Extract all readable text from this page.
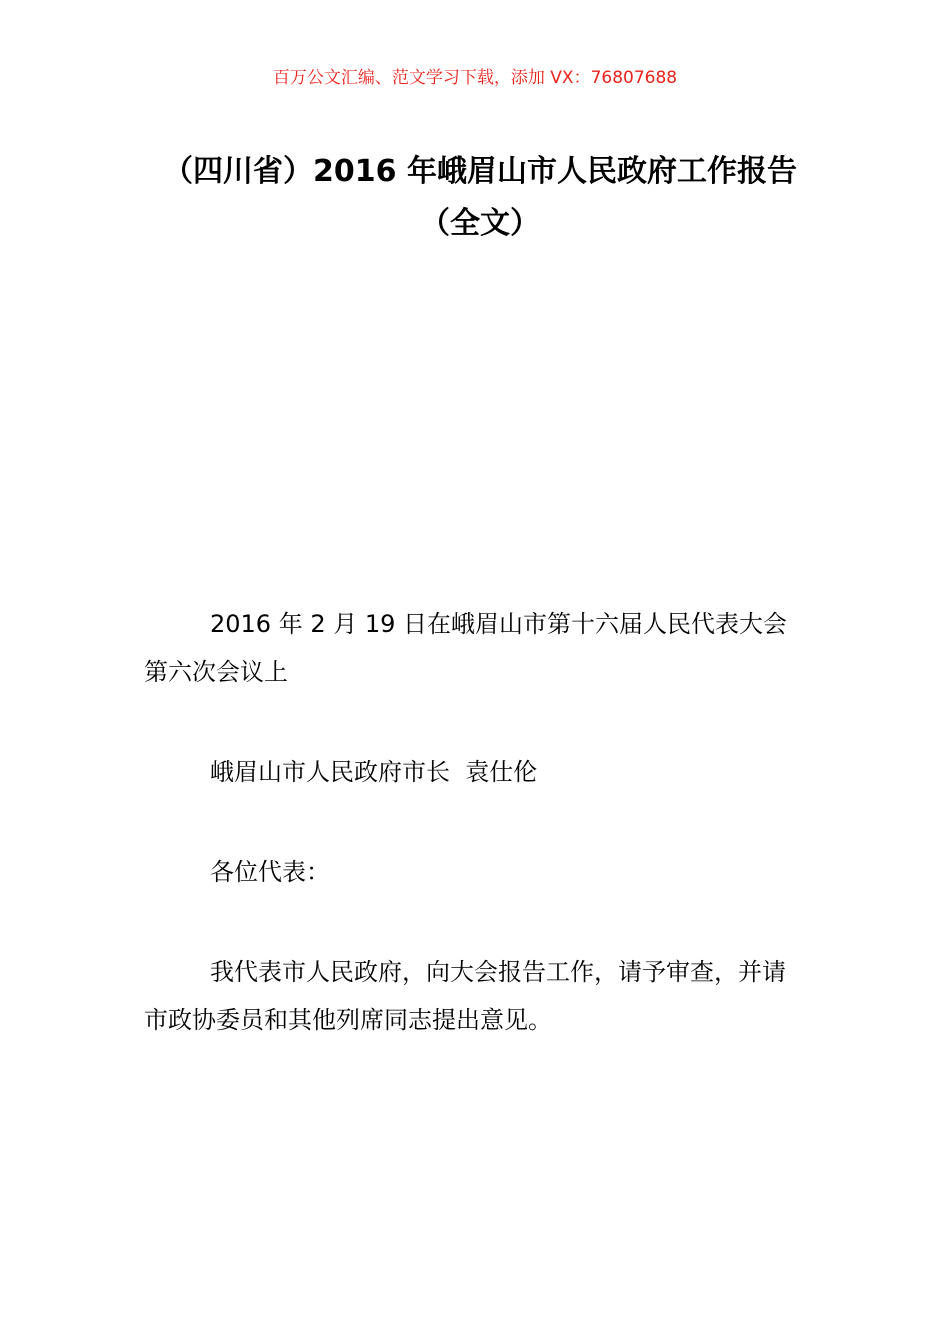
百万公文汇编、范文学习下载，添加 VX：76807688
（四川省）2016 年峨眉山市人民政府工作报告（全文）

2016 年 2 月 19 日在峨眉山市第十六届人民代表大会第六次会议上

峨眉山市人民政府市长  袁仕伦

各位代表：

我代表市人民政府，向大会报告工作，请予审查，并请市政协委员和其他列席同志提出意见。
